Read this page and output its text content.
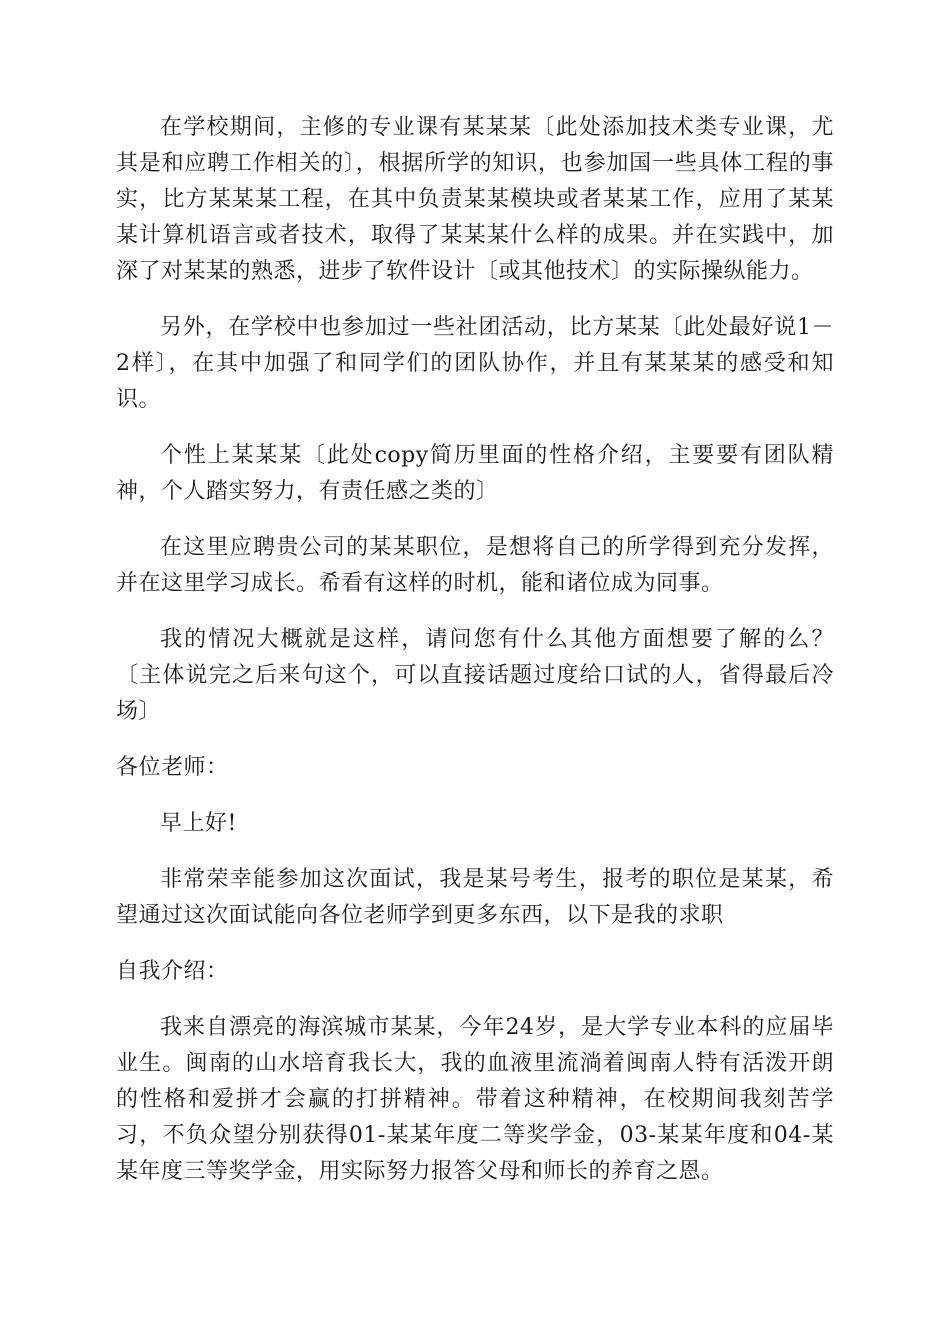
在学校期间，主修的专业课有某某某〔此处添加技术类专业课，尤其是和应聘工作相关的〕，根据所学的知识，也参加国一些具体工程的事实，比方某某某工程，在其中负责某某模块或者某某工作，应用了某某某计算机语言或者技术，取得了某某某什么样的成果。并在实践中，加深了对某某的熟悉，进步了软件设计〔或其他技术〕的实际操纵能力。

另外，在学校中也参加过一些社团活动，比方某某〔此处最好说1－2样〕，在其中加强了和同学们的团队协作，并且有某某某的感受和知识。

个性上某某某〔此处copy简历里面的性格介绍，主要要有团队精神，个人踏实努力，有责任感之类的〕

在这里应聘贵公司的某某职位，是想将自己的所学得到充分发挥，并在这里学习成长。希看有这样的时机，能和诸位成为同事。

我的情况大概就是这样，请问您有什么其他方面想要了解的么？〔主体说完之后来句这个，可以直接话题过度给口试的人，省得最后冷场〕

各位老师：

早上好!

非常荣幸能参加这次面试，我是某号考生，报考的职位是某某，希望通过这次面试能向各位老师学到更多东西，以下是我的求职

自我介绍：

我来自漂亮的海滨城市某某，今年24岁，是大学专业本科的应届毕业生。闽南的山水培育我长大，我的血液里流淌着闽南人特有活泼开朗的性格和爱拼才会赢的打拼精神。带着这种精神，在校期间我刻苦学习，不负众望分别获得01-某某年度二等奖学金，03-某某年度和04-某某年度三等奖学金，用实际努力报答父母和师长的养育之恩。
